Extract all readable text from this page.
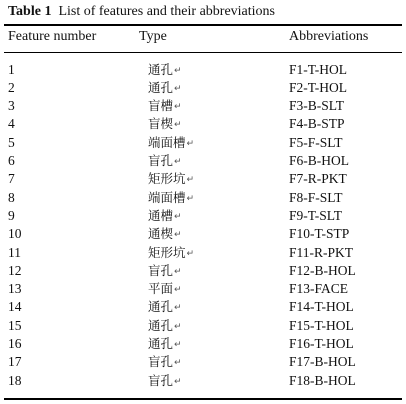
Table 1 List of features and their abbreviations
Feature number	Type	Abbreviations
1	通孔↵	F1-T-HOL
2	通孔↵	F2-T-HOL
3	盲槽↵	F3-B-SLT
4	盲楔↵	F4-B-STP
5	端面槽↵	F5-F-SLT
6	盲孔↵	F6-B-HOL
7	矩形坑↵	F7-R-PKT
8	端面槽↵	F8-F-SLT
9	通槽↵	F9-T-SLT
10	通楔↵	F10-T-STP
11	矩形坑↵	F11-R-PKT
12	盲孔↵	F12-B-HOL
13	平面↵	F13-FACE
14	通孔↵	F14-T-HOL
15	通孔↵	F15-T-HOL
16	通孔↵	F16-T-HOL
17	盲孔↵	F17-B-HOL
18	盲孔↵	F18-B-HOL
